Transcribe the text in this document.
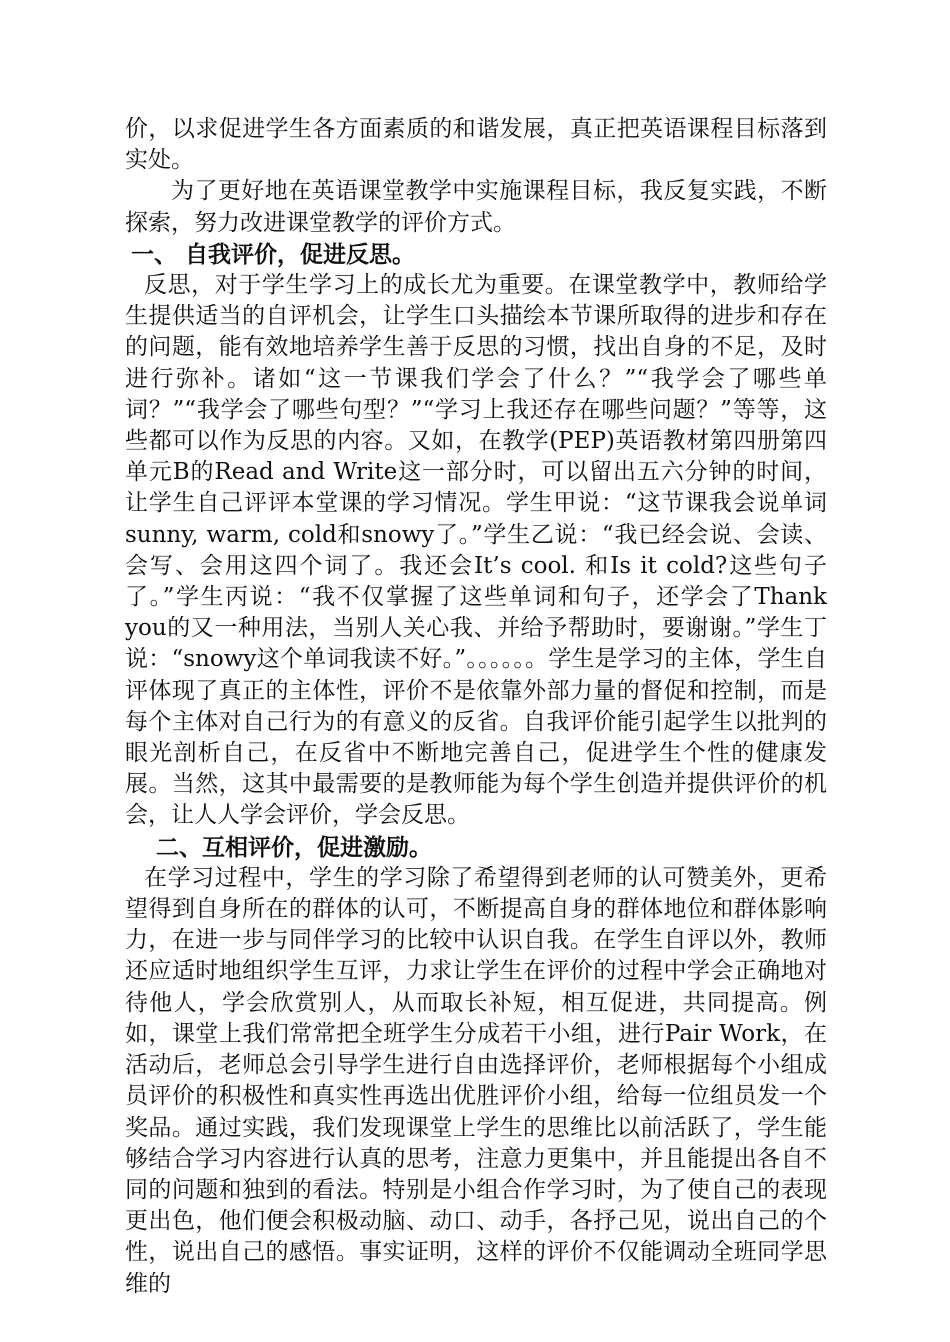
价，以求促进学生各方面素质的和谐发展，真正把英语课程目标落到实处。

为了更好地在英语课堂教学中实施课程目标，我反复实践，不断探索，努力改进课堂教学的评价方式。

一、 自我评价，促进反思。

反思，对于学生学习上的成长尤为重要。在课堂教学中，教师给学生提供适当的自评机会，让学生口头描绘本节课所取得的进步和存在的问题，能有效地培养学生善于反思的习惯，找出自身的不足，及时进行弥补。诸如“这一节课我们学会了什么？”“我学会了哪些单词？”“我学会了哪些句型？”“学习上我还存在哪些问题？”等等，这些都可以作为反思的内容。又如，在教学(PEP)英语教材第四册第四单元B的Read and Write这一部分时，可以留出五六分钟的时间，让学生自己评评本堂课的学习情况。学生甲说：“这节课我会说单词sunny, warm, cold和snowy了。”学生乙说：“我已经会说、会读、会写、会用这四个词了。我还会It’s cool. 和Is it cold?这些句子了。”学生丙说：“我不仅掌握了这些单词和句子，还学会了Thank you的又一种用法，当别人关心我、并给予帮助时，要谢谢。”学生丁说：“snowy这个单词我读不好。”。。。。。。学生是学习的主体，学生自评体现了真正的主体性，评价不是依靠外部力量的督促和控制，而是每个主体对自己行为的有意义的反省。自我评价能引起学生以批判的眼光剖析自己，在反省中不断地完善自己，促进学生个性的健康发展。当然，这其中最需要的是教师能为每个学生创造并提供评价的机会，让人人学会评价，学会反思。

二、互相评价，促进激励。

在学习过程中，学生的学习除了希望得到老师的认可赞美外，更希望得到自身所在的群体的认可，不断提高自身的群体地位和群体影响力，在进一步与同伴学习的比较中认识自我。在学生自评以外，教师还应适时地组织学生互评，力求让学生在评价的过程中学会正确地对待他人，学会欣赏别人，从而取长补短，相互促进，共同提高。例如，课堂上我们常常把全班学生分成若干小组，进行Pair Work，在活动后，老师总会引导学生进行自由选择评价，老师根据每个小组成员评价的积极性和真实性再选出优胜评价小组，给每一位组员发一个奖品。通过实践，我们发现课堂上学生的思维比以前活跃了，学生能够结合学习内容进行认真的思考，注意力更集中，并且能提出各自不同的问题和独到的看法。特别是小组合作学习时，为了使自己的表现更出色，他们便会积极动脑、动口、动手，各抒己见，说出自己的个性，说出自己的感悟。事实证明，这样的评价不仅能调动全班同学思维的
